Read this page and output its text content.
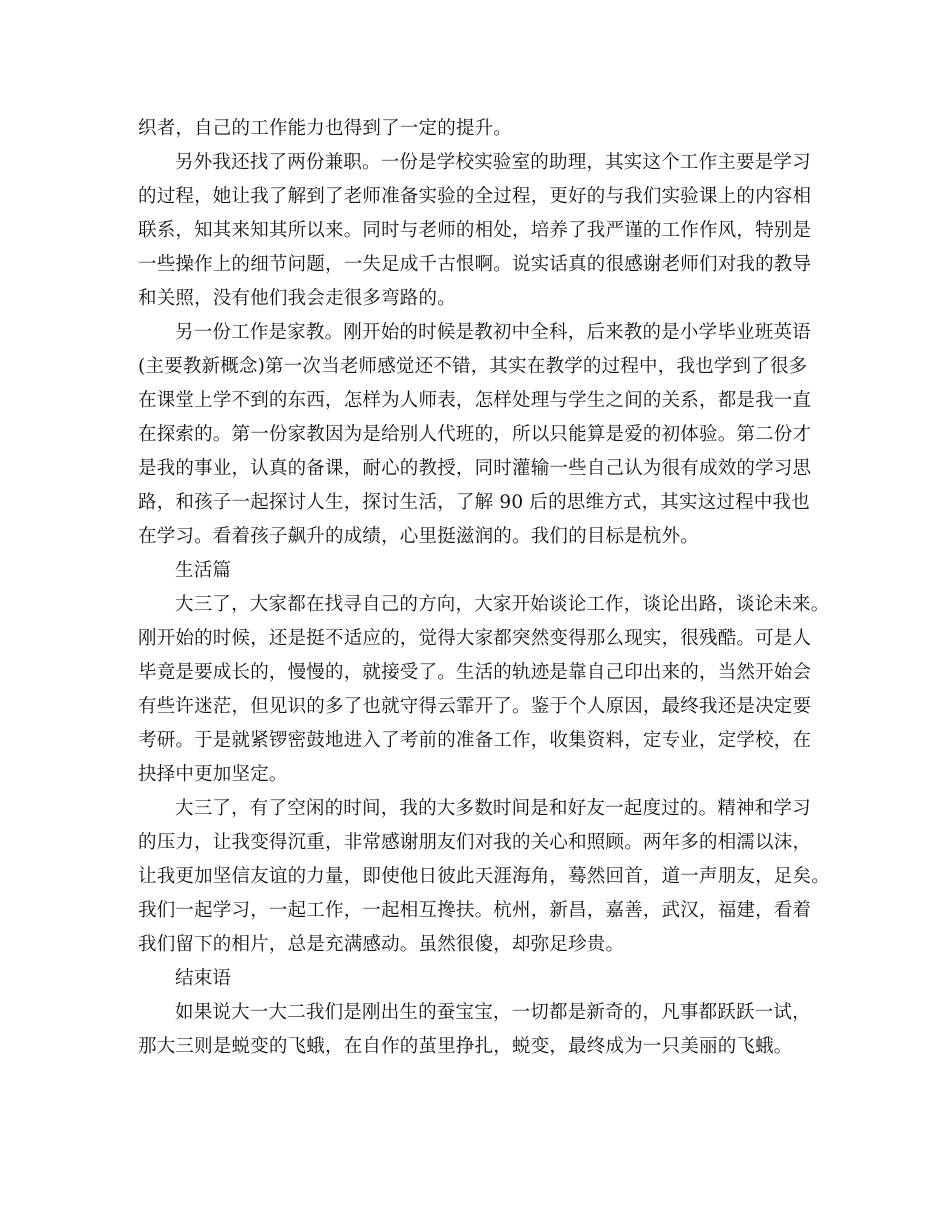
织者，自己的工作能力也得到了一定的提升。
另外我还找了两份兼职。一份是学校实验室的助理，其实这个工作主要是学习
的过程，她让我了解到了老师准备实验的全过程，更好的与我们实验课上的内容相
联系，知其来知其所以来。同时与老师的相处，培养了我严谨的工作作风，特别是
一些操作上的细节问题，一失足成千古恨啊。说实话真的很感谢老师们对我的教导
和关照，没有他们我会走很多弯路的。
另一份工作是家教。刚开始的时候是教初中全科，后来教的是小学毕业班英语
(主要教新概念)第一次当老师感觉还不错，其实在教学的过程中，我也学到了很多
在课堂上学不到的东西，怎样为人师表，怎样处理与学生之间的关系，都是我一直
在探索的。第一份家教因为是给别人代班的，所以只能算是爱的初体验。第二份才
是我的事业，认真的备课，耐心的教授，同时灌输一些自己认为很有成效的学习思
路，和孩子一起探讨人生，探讨生活，了解 90 后的思维方式，其实这过程中我也
在学习。看着孩子飙升的成绩，心里挺滋润的。我们的目标是杭外。
生活篇
大三了，大家都在找寻自己的方向，大家开始谈论工作，谈论出路，谈论未来。
刚开始的时候，还是挺不适应的，觉得大家都突然变得那么现实，很残酷。可是人
毕竟是要成长的，慢慢的，就接受了。生活的轨迹是靠自己印出来的，当然开始会
有些许迷茫，但见识的多了也就守得云霏开了。鉴于个人原因，最终我还是决定要
考研。于是就紧锣密鼓地进入了考前的准备工作，收集资料，定专业，定学校，在
抉择中更加坚定。
大三了，有了空闲的时间，我的大多数时间是和好友一起度过的。精神和学习
的压力，让我变得沉重，非常感谢朋友们对我的关心和照顾。两年多的相濡以沫，
让我更加坚信友谊的力量，即使他日彼此天涯海角，蓦然回首，道一声朋友，足矣。
我们一起学习，一起工作，一起相互搀扶。杭州，新昌，嘉善，武汉，福建，看着
我们留下的相片，总是充满感动。虽然很傻，却弥足珍贵。
结束语
如果说大一大二我们是刚出生的蚕宝宝，一切都是新奇的，凡事都跃跃一试，
那大三则是蜕变的飞蛾，在自作的茧里挣扎，蜕变，最终成为一只美丽的飞蛾。
